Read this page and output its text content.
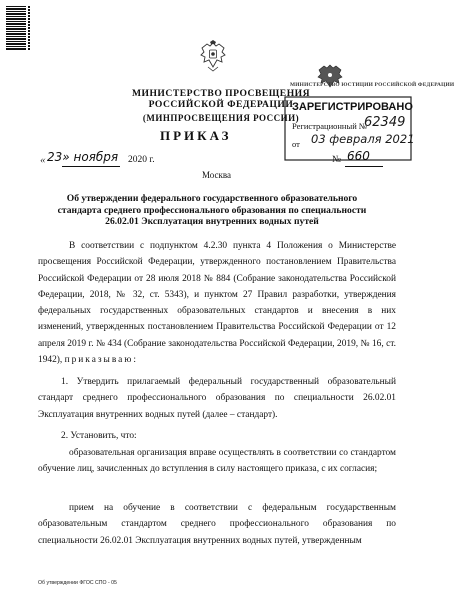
МИНИСТЕРСТВО ПРОСВЕЩЕНИЯ
РОССИЙСКОЙ ФЕДЕРАЦИИ
(МИНПРОСВЕЩЕНИЯ РОССИИ)
ПРИКАЗ
МИНИСТЕРСТВО ЮСТИЦИИ РОССИЙСКОЙ ФЕДЕРАЦИИ
ЗАРЕГИСТРИРОВАНО
Регистрационный №
62349
от 03 февраля 2021
« 23» ноября 2020 г.
Москва
№ 660
Об утверждении федерального государственного образовательного стандарта среднего профессионального образования по специальности 26.02.01 Эксплуатация внутренних водных путей
В соответствии с подпунктом 4.2.30 пункта 4 Положения о Министерстве просвещения Российской Федерации, утвержденного постановлением Правительства Российской Федерации от 28 июля 2018 № 884 (Собрание законодательства Российской Федерации, 2018, № 32, ст. 5343), и пунктом 27 Правил разработки, утверждения федеральных государственных образовательных стандартов и внесения в них изменений, утвержденных постановлением Правительства Российской Федерации от 12 апреля 2019 г. № 434 (Собрание законодательства Российской Федерации, 2019, № 16, ст. 1942), приказываю:
1. Утвердить прилагаемый федеральный государственный образовательный стандарт среднего профессионального образования по специальности 26.02.01 Эксплуатация внутренних водных путей (далее – стандарт).
2. Установить, что:
образовательная организация вправе осуществлять в соответствии со стандартом обучение лиц, зачисленных до вступления в силу настоящего приказа, с их согласия;
прием на обучение в соответствии с федеральным государственным образовательным стандартом среднего профессионального образования по специальности 26.02.01 Эксплуатация внутренних водных путей, утвержденным
Об утверждении ФГОС СПО - 05
